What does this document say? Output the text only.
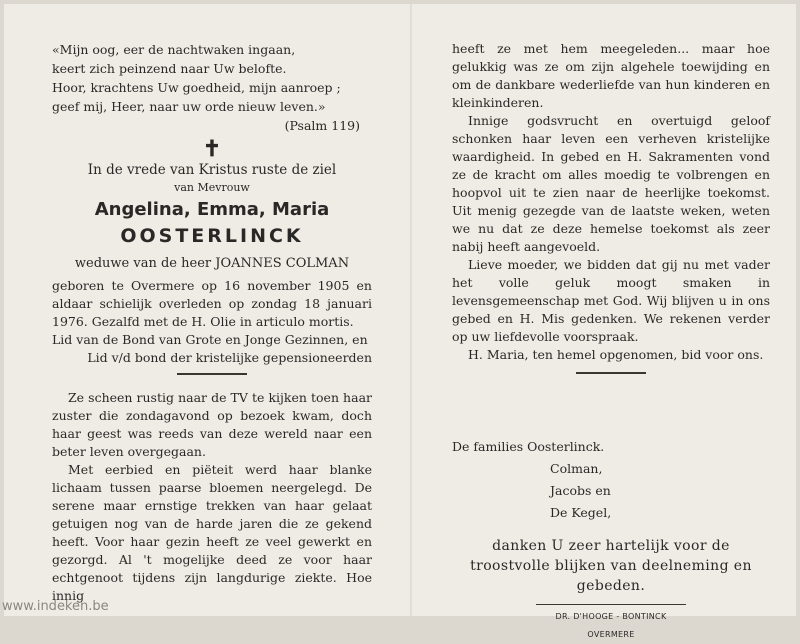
«Mijn oog, eer de nachtwaken ingaan,

keert zich peinzend naar Uw belofte.

Hoor, krachtens Uw goedheid, mijn aanroep ;

geef mij, Heer, naar uw orde nieuw leven.»

(Psalm 119)

✝

In de vrede van Kristus ruste de ziel

van Mevrouw

Angelina, Emma, Maria

OOSTERLINCK

weduwe van de heer JOANNES COLMAN

geboren te Overmere op 16 november 1905 en aldaar schielijk overleden op zondag 18 januari 1976. Gezalfd met de H. Olie in articulo mortis.

Lid van de Bond van Grote en Jonge Gezinnen, en

Lid v/d bond der kristelijke gepensioneerden

Ze scheen rustig naar de TV te kijken toen haar zuster die zondagavond op bezoek kwam, doch haar geest was reeds van deze wereld naar een beter leven overgegaan.

Met eerbied en piëteit werd haar blanke lichaam tussen paarse bloemen neergelegd. De serene maar ernstige trekken van haar gelaat getuigen nog van de harde jaren die ze gekend heeft. Voor haar gezin heeft ze veel gewerkt en gezorgd. Al 't mogelijke deed ze voor haar echtgenoot tijdens zijn langdurige ziekte. Hoe innig

heeft ze met hem meegeleden... maar hoe gelukkig was ze om zijn algehele toewijding en om de dankbare wederliefde van hun kinderen en kleinkinderen.

Innige godsvrucht en overtuigd geloof schonken haar leven een verheven kristelijke waardigheid. In gebed en H. Sakramenten vond ze de kracht om alles moedig te volbrengen en hoopvol uit te zien naar de heerlijke toekomst. Uit menig gezegde van de laatste weken, weten we nu dat ze deze hemelse toekomst als zeer nabij heeft aangevoeld.

Lieve moeder, we bidden dat gij nu met vader het volle geluk moogt smaken in levensgemeenschap met God. Wij blijven u in ons gebed en H. Mis gedenken. We rekenen verder op uw liefdevolle voorspraak.

H. Maria, ten hemel opgenomen, bid voor ons.

De families Oosterlinck.

Colman,

Jacobs en

De Kegel,

danken U zeer hartelijk voor de troostvolle blijken van deelneming en gebeden.

DR. D'HOOGE - BONTINCK OVERMERE

www.indeken.be
